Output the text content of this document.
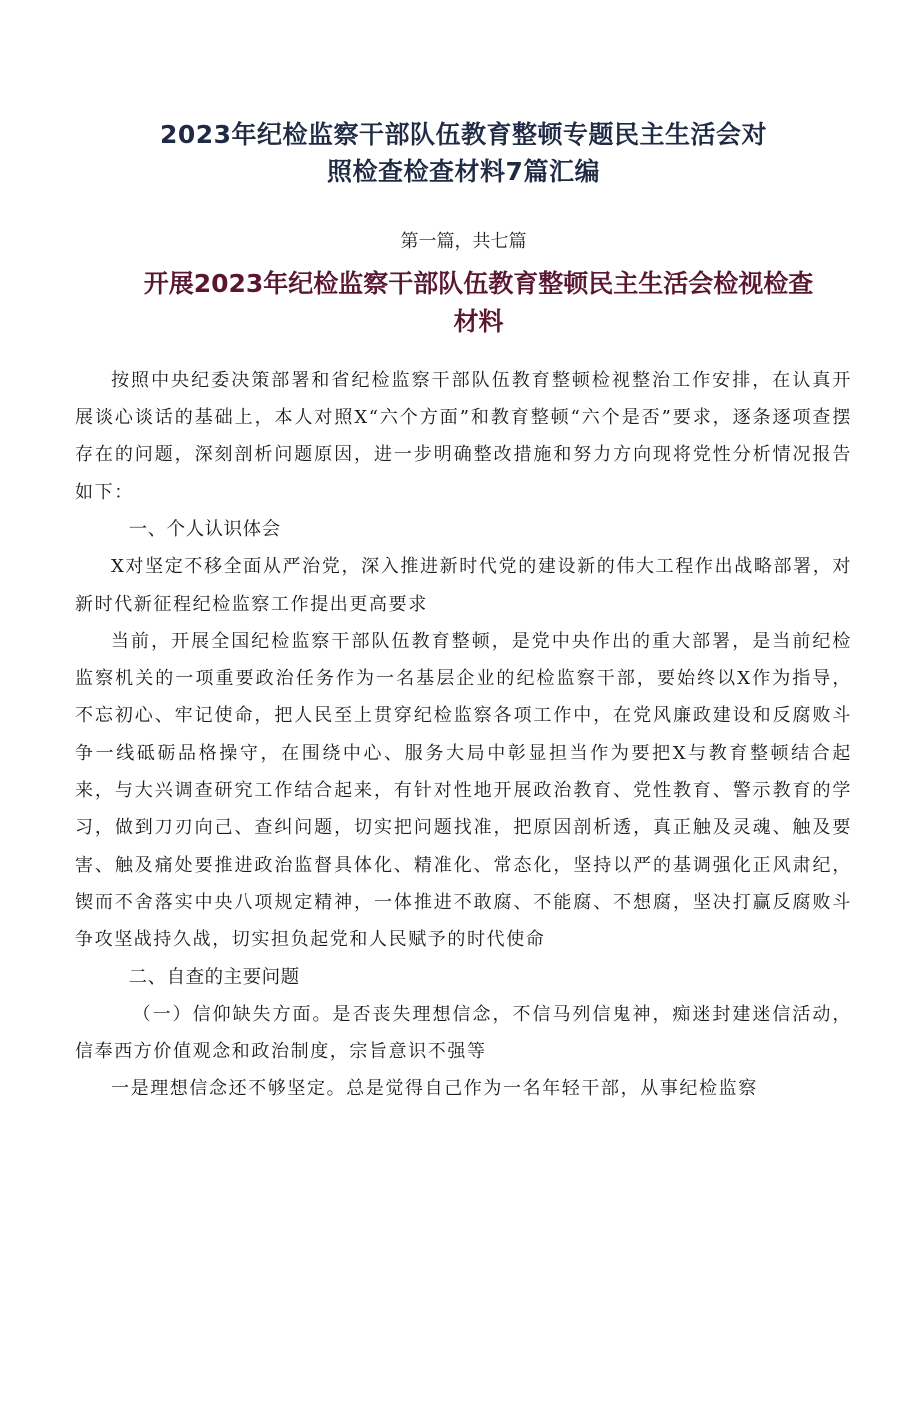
2023年纪检监察干部队伍教育整顿专题民主生活会对
照检查检查材料7篇汇编
第一篇，共七篇
开展2023年纪检监察干部队伍教育整顿民主生活会检视检查
材料

按照中央纪委决策部署和省纪检监察干部队伍教育整顿检视整治工作安排，在认真开展谈心谈话的基础上，本人对照X“六个方面”和教育整顿“六个是否”要求，逐条逐项查摆存在的问题，深刻剖析问题原因，进一步明确整改措施和努力方向现将党性分析情况报告如下：

一、个人认识体会

X对坚定不移全面从严治党，深入推进新时代党的建设新的伟大工程作出战略部署，对新时代新征程纪检监察工作提出更高要求

当前，开展全国纪检监察干部队伍教育整顿，是党中央作出的重大部署，是当前纪检监察机关的一项重要政治任务作为一名基层企业的纪检监察干部，要始终以X作为指导，不忘初心、牢记使命，把人民至上贯穿纪检监察各项工作中，在党风廉政建设和反腐败斗争一线砥砺品格操守，在围绕中心、服务大局中彰显担当作为要把X与教育整顿结合起来，与大兴调查研究工作结合起来，有针对性地开展政治教育、党性教育、警示教育的学习，做到刀刃向己、查纠问题，切实把问题找准，把原因剖析透，真正触及灵魂、触及要害、触及痛处要推进政治监督具体化、精准化、常态化，坚持以严的基调强化正风肃纪，锲而不舍落实中央八项规定精神，一体推进不敢腐、不能腐、不想腐，坚决打赢反腐败斗争攻坚战持久战，切实担负起党和人民赋予的时代使命

二、自查的主要问题

（一）信仰缺失方面。是否丧失理想信念，不信马列信鬼神，痴迷封建迷信活动，信奉西方价值观念和政治制度，宗旨意识不强等

一是理想信念还不够坚定。总是觉得自己作为一名年轻干部，从事纪检监察
